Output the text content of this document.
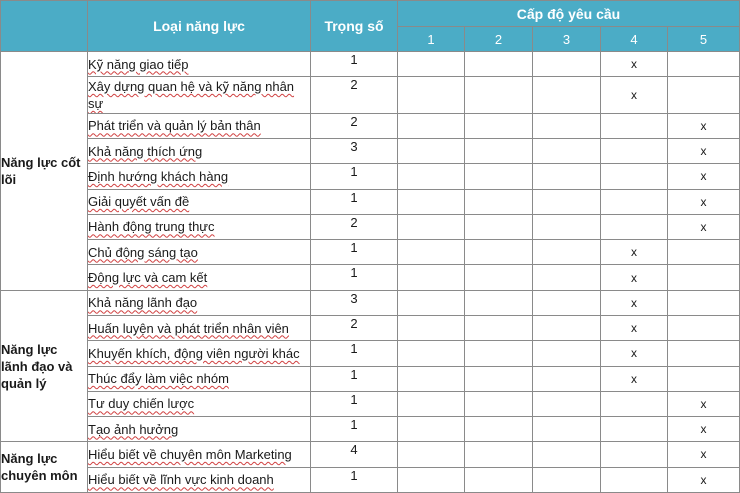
	Loại năng lực	Trọng số	Cấp độ yêu cầu				
			1	2	3	4	5
Năng lực cốt lõi	Kỹ năng giao tiếp	1				x	
	Xây dựng quan hệ và kỹ năng nhân sự	2				x	
	Phát triển và quản lý bản thân	2					x
	Khả năng thích ứng	3					x
	Định hướng khách hàng	1					x
	Giải quyết vấn đề	1					x
	Hành động trung thực	2					x
	Chủ động sáng tạo	1				x	
	Động lực và cam kết	1				x	
Năng lực lãnh đạo và quản lý	Khả năng lãnh đạo	3				x	
	Huấn luyện và phát triển nhân viên	2				x	
	Khuyến khích, động viên người khác	1				x	
	Thúc đẩy làm việc nhóm	1				x	
	Tư duy chiến lược	1					x
	Tạo ảnh hưởng	1					x
Năng lực chuyên môn	Hiểu biết về chuyên môn Marketing	4					x
	Hiểu biết về lĩnh vực kinh doanh	1					x
